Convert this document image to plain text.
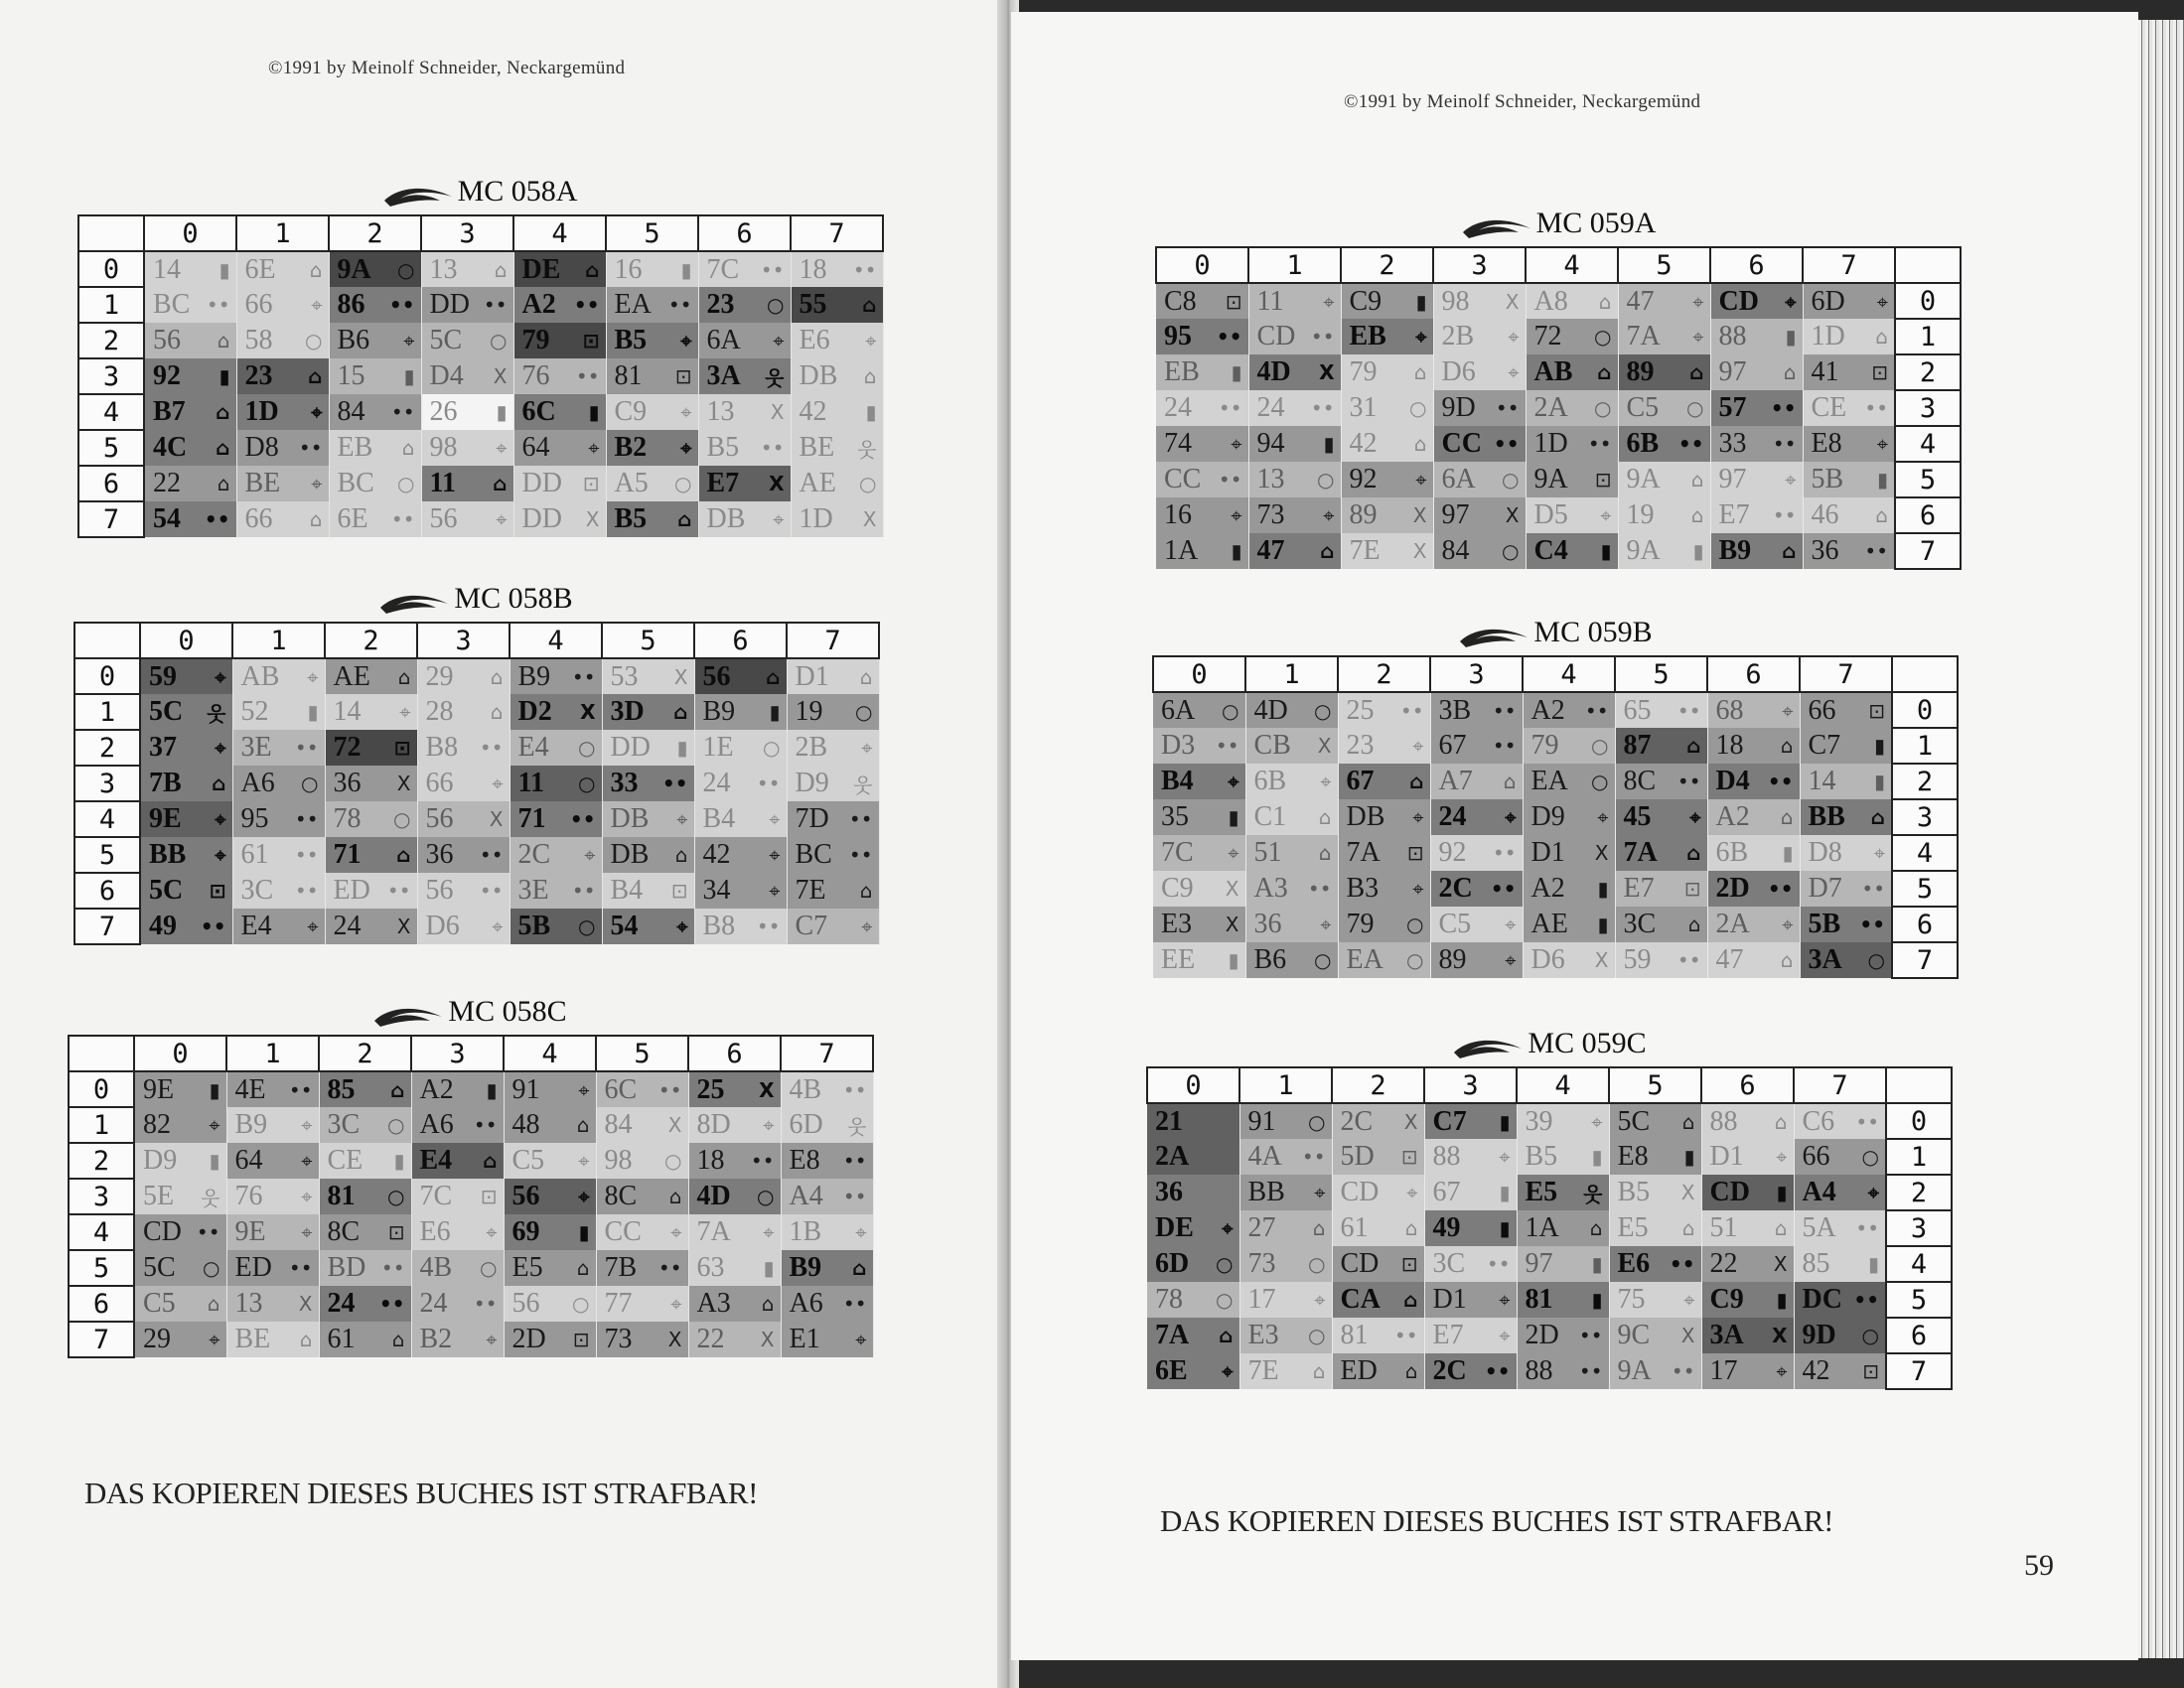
©1991 by Meinolf Schneider, Neckargemünd
MC 058A
	0	1	2	3	4	5	6	7
0	14 ▮	6E ⌂	9A ○	13 ⌂	DE ⌂	16 ▮	7C ••	18 ••

1	BC ••	66 ⌖	86 ••	DD ••	A2 ••	EA ••	23 ○	55 ⌂

2	56 ⌂	58 ○	B6 ⌖	5C ○	79 ⊡	B5 ⌖	6A ⌖	E6 ⌖

3	92 ▮	23 ⌂	15 ▮	D4 X	76 ••	81 ⊡	3A 웃	DB ⌂

4	B7 ⌂	1D ⌖	84 ••	26 ▮	6C ▮	C9 ⌖	13 X	42 ▮

5	4C ⌂	D8 ••	EB ⌂	98 ⌖	64 ⌖	B2 ⌖	B5 ••	BE 웃

6	22 ⌂	BE ⌖	BC ○	11 ⌂	DD ⊡	A5 ○	E7 X	AE ○

7	54 ••	66 ⌂	6E ••	56 ⌖	DD X	B5 ⌂	DB ⌖	1D X
MC 058B
	0	1	2	3	4	5	6	7
0	59 ⌖	AB ⌖	AE ⌂	29 ⌂	B9 ••	53 X	56 ⌂	D1 ⌂

1	5C 웃	52 ▮	14 ⌖	28 ⌂	D2 X	3D ⌂	B9 ▮	19 ○

2	37 ⌖	3E ••	72 ⊡	B8 ••	E4 ○	DD ▮	1E ○	2B ⌖

3	7B ⌂	A6 ○	36 X	66 ⌖	11 ○	33 ••	24 ••	D9 웃

4	9E ⌖	95 ••	78 ○	56 X	71 ••	DB ⌖	B4 ⌖	7D ••

5	BB ⌖	61 ••	71 ⌂	36 ••	2C ⌖	DB ⌂	42 ⌖	BC ••

6	5C ⊡	3C ••	ED ••	56 ••	3E ••	B4 ⊡	34 ⌖	7E ⌂

7	49 ••	E4 ⌖	24 X	D6 ⌖	5B ○	54 ⌖	B8 ••	C7 ⌖
MC 058C
	0	1	2	3	4	5	6	7
0	9E ▮	4E ••	85 ⌂	A2 ▮	91 ⌖	6C ••	25 X	4B ••

1	82 ⌖	B9 ⌖	3C ○	A6 ••	48 ⌂	84 X	8D ⌖	6D 웃

2	D9 ▮	64 ⌖	CE ▮	E4 ⌂	C5 ⌖	98 ○	18 ••	E8 ••

3	5E 웃	76 ⌖	81 ○	7C ⊡	56 ⌖	8C ⌂	4D ○	A4 ••

4	CD ••	9E ⌖	8C ⊡	E6 ⌖	69 ▮	CC ⌖	7A ⌖	1B ⌖

5	5C ○	ED ••	BD ••	4B ○	E5 ⌂	7B ••	63 ▮	B9 ⌂

6	C5 ⌂	13 X	24 ••	24 ••	56 ○	77 ⌖	A3 ⌂	A6 ••

7	29 ⌖	BE ⌂	61 ⌂	B2 ⌖	2D ⊡	73 X	22 X	E1 ⌖
DAS KOPIEREN DIESES BUCHES IST STRAFBAR!
©1991 by Meinolf Schneider, Neckargemünd
MC 059A
0	1	2	3	4	5	6	7	

C8 ⊡	11 ⌖	C9 ▮	98 X	A8 ⌂	47 ⌖	CD ⌖	6D ⌖	0

95 ••	CD ••	EB ⌖	2B ⌖	72 ○	7A ⌖	88 ▮	1D ⌂	1

EB ▮	4D X	79 ⌂	D6 ⌖	AB ⌂	89 ⌂	97 ⌂	41 ⊡	2

24 ••	24 ••	31 ○	9D ••	2A ○	C5 ○	57 ••	CE ••	3

74 ⌖	94 ▮	42 ⌂	CC ••	1D ••	6B ••	33 ••	E8 ⌖	4

CC ••	13 ○	92 ⌖	6A ○	9A ⊡	9A ⌂	97 ⌖	5B ▮	5

16 ⌖	73 ⌖	89 X	97 X	D5 ⌖	19 ⌂	E7 ••	46 ⌂	6

1A ▮	47 ⌂	7E X	84 ○	C4 ▮	9A ▮	B9 ⌂	36 ••	7
MC 059B
0	1	2	3	4	5	6	7	

6A ○	4D ○	25 ••	3B ••	A2 ••	65 ••	68 ⌖	66 ⊡	0

D3 ••	CB X	23 ⌖	67 ••	79 ○	87 ⌂	18 ⌂	C7 ▮	1

B4 ⌖	6B ⌖	67 ⌂	A7 ⌂	EA ○	8C ••	D4 ••	14 ▮	2

35 ▮	C1 ⌂	DB ⌖	24 ⌖	D9 ⌖	45 ⌖	A2 ⌂	BB ⌂	3

7C ⌖	51 ⌂	7A ⊡	92 ••	D1 X	7A ⌂	6B ▮	D8 ⌖	4

C9 X	A3 ••	B3 ⌖	2C ••	A2 ▮	E7 ⊡	2D ••	D7 ••	5

E3 X	36 ⌖	79 ○	C5 ⌖	AE ▮	3C ⌂	2A ⌖	5B ••	6

EE ▮	B6 ○	EA ○	89 ⌖	D6 X	59 ••	47 ⌂	3A ○	7
MC 059C
0	1	2	3	4	5	6	7	

21	91 ○	2C X	C7 ▮	39 ⌖	5C ⌂	88 ⌂	C6 ••	0

2A	4A ••	5D ⊡	88 ⌖	B5 ▮	E8 ▮	D1 ⌖	66 ○	1

36	BB ⌖	CD ⌖	67 ▮	E5 웃	B5 X	CD ▮	A4 ⌖	2

DE ⌖	27 ⌂	61 ⌂	49 ▮	1A ⌂	E5 ⌂	51 ⌂	5A ••	3

6D ○	73 ○	CD ⊡	3C ••	97 ▮	E6 ••	22 X	85 ▮	4

78 ○	17 ⌖	CA ⌂	D1 ⌖	81 ▮	75 ⌖	C9 ▮	DC ••	5

7A ⌂	E3 ○	81 ••	E7 ⌖	2D ••	9C X	3A X	9D ○	6

6E ⌖	7E ⌂	ED ⌂	2C ••	88 ••	9A ••	17 ⌖	42 ⊡	7
DAS KOPIEREN DIESES BUCHES IST STRAFBAR!
59
